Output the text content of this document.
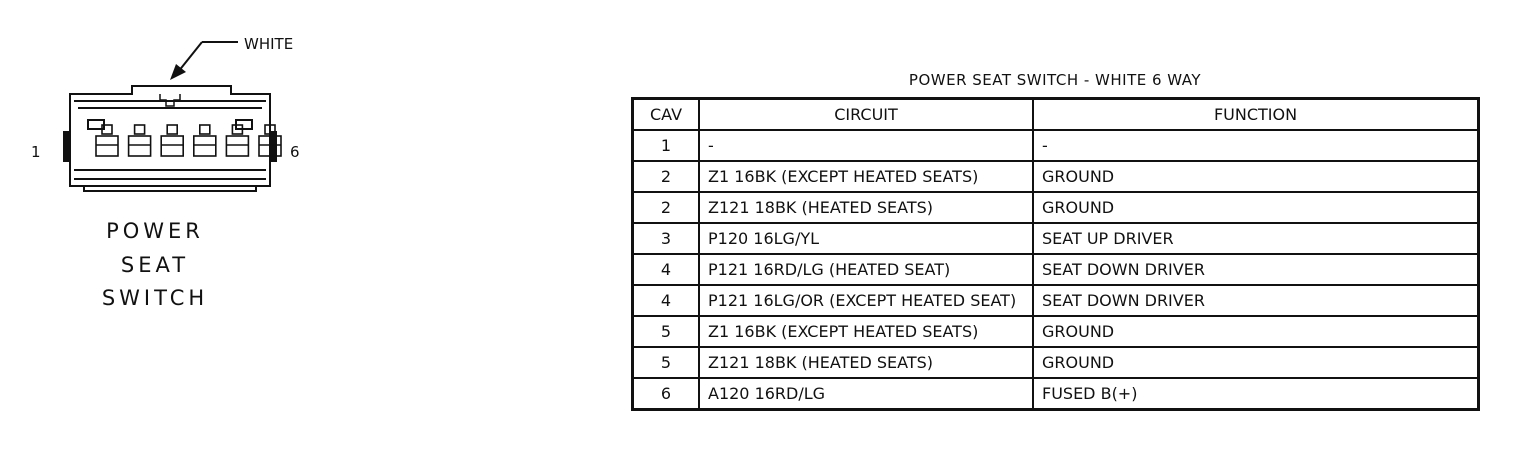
WHITE
1	6
POWER
SEAT
SWITCH
POWER SEAT SWITCH - WHITE 6 WAY
CAV	CIRCUIT	FUNCTION
1	-	-
2	Z1 16BK (EXCEPT HEATED SEATS)	GROUND
2	Z121 18BK (HEATED SEATS)	GROUND
3	P120 16LG/YL	SEAT UP DRIVER
4	P121 16RD/LG (HEATED SEAT)	SEAT DOWN DRIVER
4	P121 16LG/OR (EXCEPT HEATED SEAT)	SEAT DOWN DRIVER
5	Z1 16BK (EXCEPT HEATED SEATS)	GROUND
5	Z121 18BK (HEATED SEATS)	GROUND
6	A120 16RD/LG	FUSED B(+)
